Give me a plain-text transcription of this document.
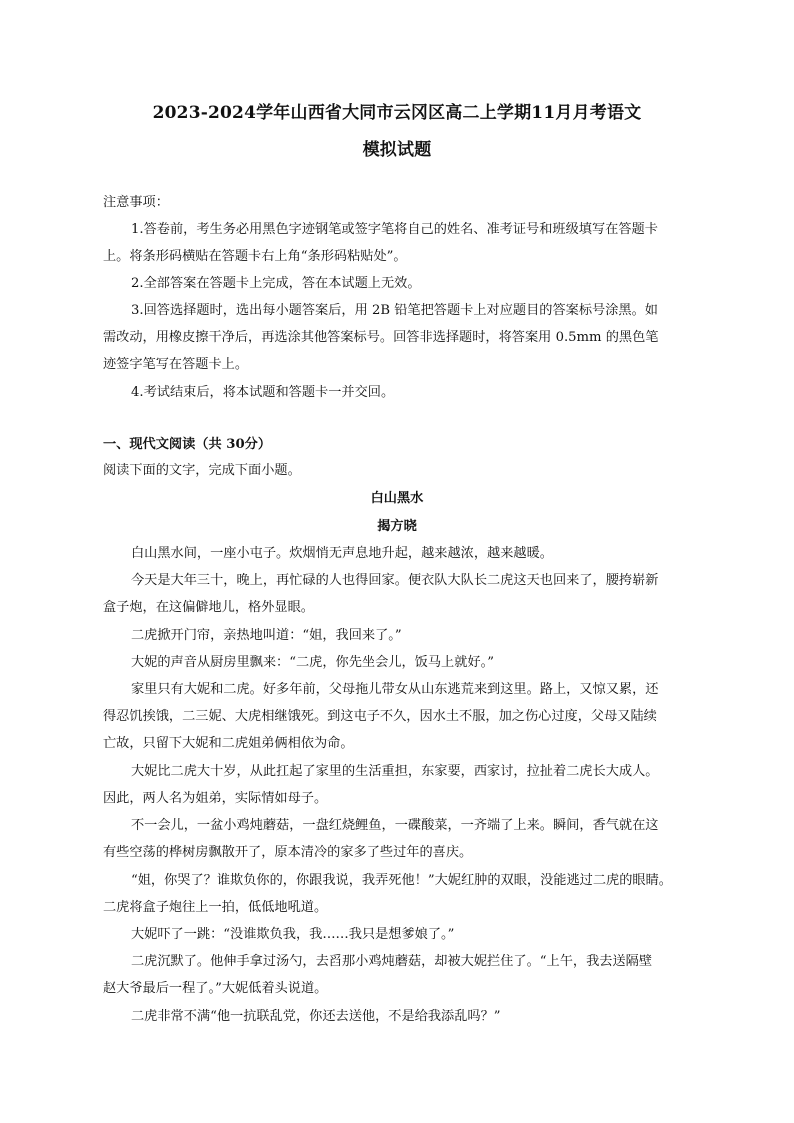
2023-2024学年山西省大同市云冈区高二上学期11月月考语文
模拟试题
注意事项：
1.答卷前，考生务必用黑色字迹钢笔或签字笔将自己的姓名、准考证号和班级填写在答题卡
上。将条形码横贴在答题卡右上角“条形码粘贴处”。
2.全部答案在答题卡上完成，答在本试题上无效。
3.回答选择题时，选出每小题答案后，用 2B 铅笔把答题卡上对应题目的答案标号涂黑。如
需改动，用橡皮擦干净后，再选涂其他答案标号。回答非选择题时，将答案用 0.5mm 的黑色笔
迹签字笔写在答题卡上。
4.考试结束后，将本试题和答题卡一并交回。
一、现代文阅读（共 30分）
阅读下面的文字，完成下面小题。
白山黑水
揭方晓
白山黑水间，一座小屯子。炊烟悄无声息地升起，越来越浓，越来越暖。
今天是大年三十，晚上，再忙碌的人也得回家。便衣队大队长二虎这天也回来了，腰挎崭新
盒子炮，在这偏僻地儿，格外显眼。
二虎掀开门帘，亲热地叫道：“姐，我回来了。”
大妮的声音从厨房里飘来：“二虎，你先坐会儿，饭马上就好。”
家里只有大妮和二虎。好多年前，父母拖儿带女从山东逃荒来到这里。路上，又惊又累，还
得忍饥挨饿，二三妮、大虎相继饿死。到这屯子不久，因水土不服，加之伤心过度，父母又陆续
亡故，只留下大妮和二虎姐弟俩相依为命。
大妮比二虎大十岁，从此扛起了家里的生活重担，东家要，西家讨，拉扯着二虎长大成人。
因此，两人名为姐弟，实际情如母子。
不一会儿，一盆小鸡炖蘑菇，一盘红烧鲤鱼，一碟酸菜，一齐端了上来。瞬间，香气就在这
有些空荡的桦树房飘散开了，原本清冷的家多了些过年的喜庆。
“姐，你哭了？谁欺负你的，你跟我说，我弄死他！”大妮红肿的双眼，没能逃过二虎的眼睛。
二虎将盒子炮往上一拍，低低地吼道。
大妮吓了一跳：“没谁欺负我，我……我只是想爹娘了。”
二虎沉默了。他伸手拿过汤勺，去舀那小鸡炖蘑菇，却被大妮拦住了。“上午，我去送隔壁
赵大爷最后一程了。”大妮低着头说道。
二虎非常不满“他一抗联乱党，你还去送他，不是给我添乱吗？”
